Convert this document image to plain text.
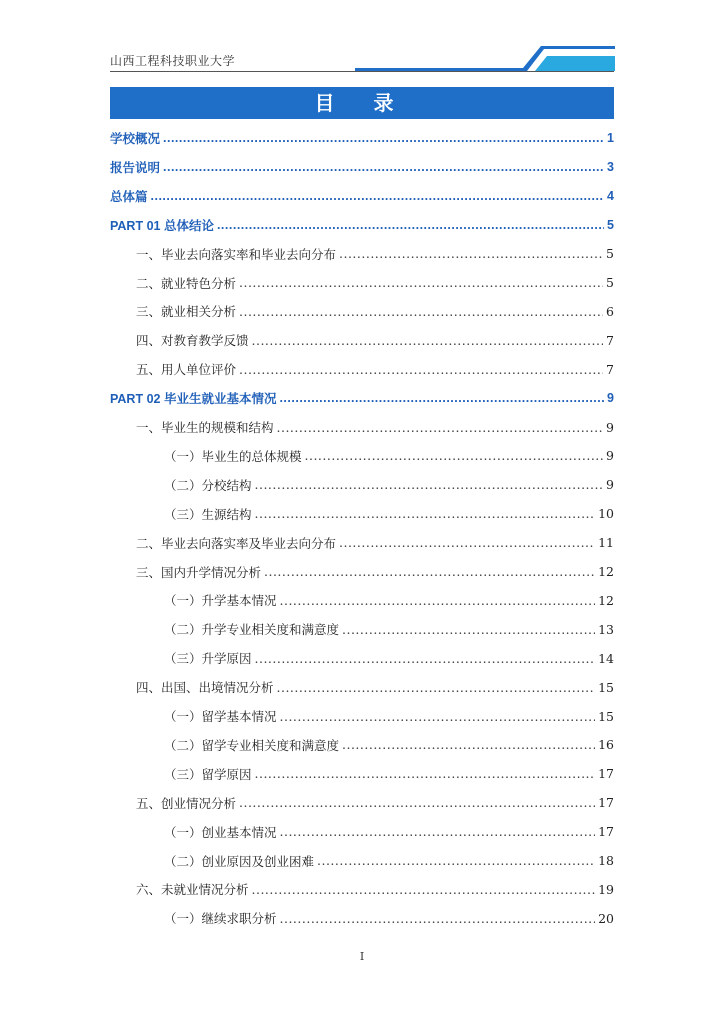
山西工程科技职业大学
目 录
学校概况 .....	1
报告说明 .....	3
总体篇 .....	4
PART 01 总体结论 .....	5
一、毕业去向落实率和毕业去向分布 .....	5
二、就业特色分析 .....	5
三、就业相关分析 .....	6
四、对教育教学反馈 .....	7
五、用人单位评价 .....	7
PART 02 毕业生就业基本情况 .....	9
一、毕业生的规模和结构 .....	9
（一）毕业生的总体规模 .....	9
（二）分校结构 .....	9
（三）生源结构 .....	10
二、毕业去向落实率及毕业去向分布 .....	11
三、国内升学情况分析 .....	12
（一）升学基本情况 .....	12
（二）升学专业相关度和满意度 .....	13
（三）升学原因 .....	14
四、出国、出境情况分析 .....	15
（一）留学基本情况 .....	15
（二）留学专业相关度和满意度 .....	16
（三）留学原因 .....	17
五、创业情况分析 .....	17
（一）创业基本情况 .....	17
（二）创业原因及创业困难 .....	18
六、未就业情况分析 .....	19
（一）继续求职分析 .....	20
I
